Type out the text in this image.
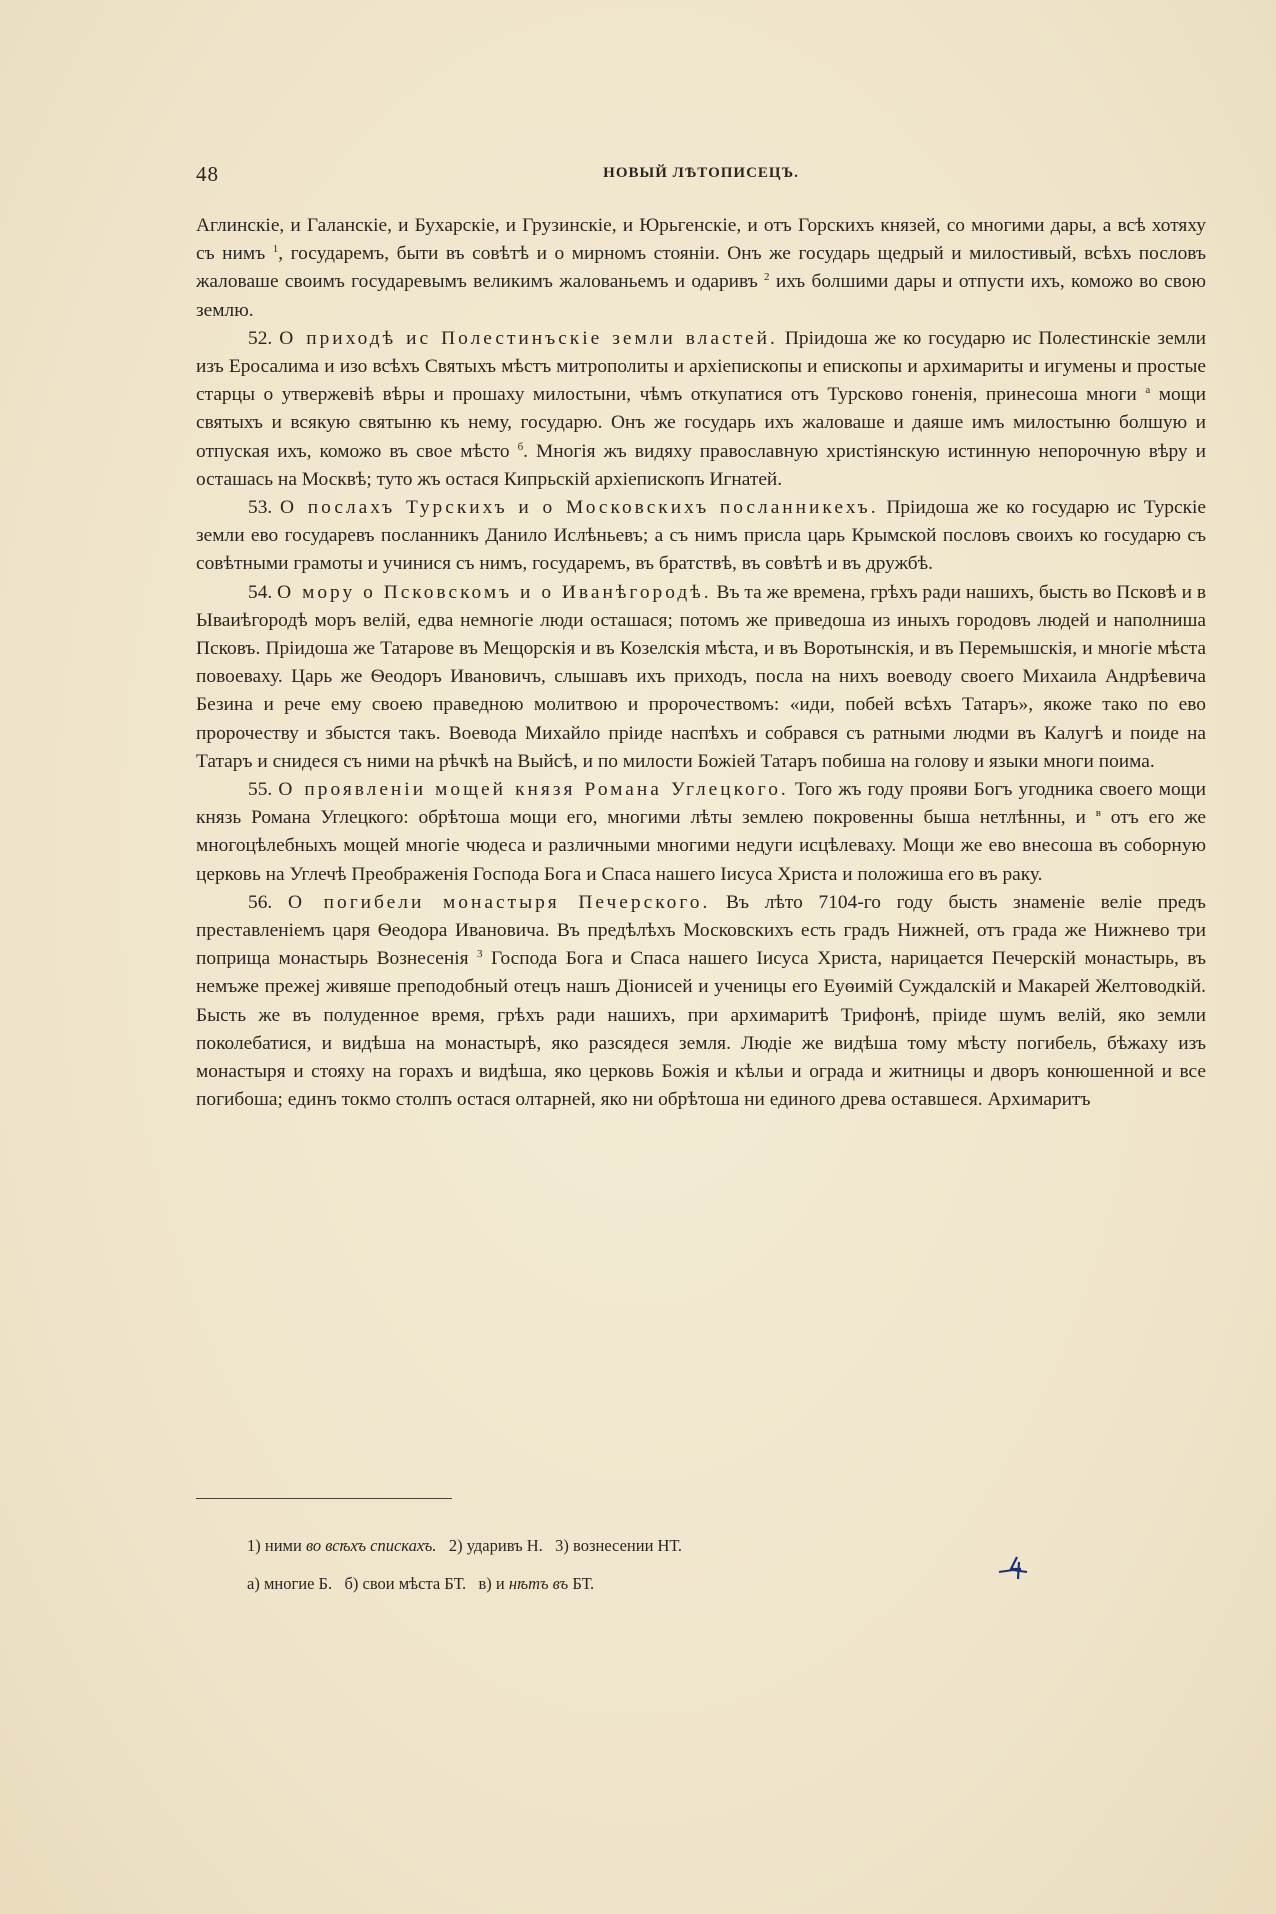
48	НОВЫЙ ЛѢТОПИСЕЦЪ.

Аглинскіе, и Галанскіе, и Бухарскіе, и Грузинскіе, и Юрьгенскіе, и отъ Горскихъ князей, со многими дары, а всѣ хотяху съ нимъ $^1$, государемъ, быти въ совѣтѣ и о мирномъ стоянiи. Онъ же государь щедрый и милостивый, всѣхъ пословъ жаловаше своимъ государевымъ великимъ жалованьемъ и одаривъ $^2$ ихъ болшими дары и отпусти ихъ, коможо во свою землю.

52. О приходѣ ис Полестинъскіе земли властей. Пріидоша же ко государю ис Полестинскіе земли изъ Еросалима и изо всѣхъ Святыхъ мѣстъ митрополиты и архіепископы и епископы и архимариты и игумены и простые старцы о утвержевіѣ вѣры и прошаху милостыни, чѣмъ откупатися отъ Турсково гоненія, принесоша многи $^а$ мощи святыхъ и всякую святыню къ нему, государю. Онъ же государь ихъ жаловаше и даяше имъ милостыню болшую и отпуская ихъ, коможо въ свое мѣсто $^б$. Многія жъ видяху православную христіянскую истинную непорочную вѣру и осташась на Москвѣ; туто жъ остася Кипрьскій архіепископъ Игнатей.

53. О послахъ Турскихъ и о Московскихъ посланникехъ. Пріидоша же ко государю ис Турскіе земли ево государевъ посланникъ Данило Ислѣньевъ; а съ нимъ присла царь Крымской пословъ своихъ ко государю съ совѣтными грамоты и учинися съ нимъ, государемъ, въ братствѣ, въ совѣтѣ и въ дружбѣ.

54. О мору о Псковскомъ и о Иванѣгородѣ. Въ та же времена, грѣхъ ради нашихъ, бысть во Псковѣ и в Ываиѣгородѣ моръ велій, едва немногіе люди осташася; потомъ же приведоша из иныхъ городовъ людей и наполниша Псковъ. Пріидоша же Татарове въ Мещорскія и въ Козелскія мѣста, и въ Воротынскія, и въ Перемышскія, и многіе мѣста повоеваху. Царь же Ѳеодоръ Ивановичъ, слышавъ ихъ приходъ, посла на нихъ воеводу своего Михаила Андрѣевича Безина и рече ему своею праведною молитвою и пророчествомъ: «иди, побей всѣхъ Татаръ», якоже тако по ево пророчеству и збыстся такъ. Воевода Михайло пріиде наспѣхъ и собрався съ ратными людми въ Калугѣ и поиде на Татаръ и снидеся съ ними на рѣчкѣ на Выйсѣ, и по милости Божiей Татаръ побиша на голову и языки многи поима.

55. О проявленіи мощей князя Романа Углецкого. Того жъ году прояви Богъ угодника своего мощи князь Романа Углецкого: обрѣтоша мощи его, многими лѣты землею покровенны быша нетлѣнны, и $^в$ отъ его же многоцѣлебныхъ мощей многіе чюдеса и различными многими недуги исцѣлеваху. Мощи же ево внесоша въ соборную церковь на Углечѣ Преображенія Господа Бога и Спаса нашего Іисуса Христа и положиша его въ раку.

56. О погибели монастыря Печерского. Въ лѣто 7104-го году бысть знаменіе веліе предъ преставленіемъ царя Ѳеодора Ивановича. Въ предѣлѣхъ Московскихъ есть градъ Нижней, отъ града же Нижнево три поприща монастырь Вознесенія $^3$ Господа Бога и Спаса нашего Іисуса Христа, нарицается Печерскій монастырь, въ немъже прежеј живяше преподобный отецъ нашъ Діонисей и ученицы его Еуѳимій Суждалскій и Макарей Желтоводкій. Бысть же въ полуденное время, грѣхъ ради нашихъ, при архимаритѣ Трифонѣ, пріиде шумъ велій, яко земли поколебатися, и видѣша на монастырѣ, яко разсядеся земля. Людіе же видѣша тому мѣсту погибель, бѣжаху изъ монастыря и стояху на горахъ и видѣша, яко церковь Божія и кѣльи и ограда и житницы и дворъ конюшенной и все погибоша; единъ токмо столпъ остася олтарней, яко ни обрѣтоша ни единого древа оставшеся. Архимаритъ

1) ними во всѣхъ спискахъ. 2) ударивъ Н. 3) вознесении НТ.
а) многие Б. б) свои мѣста БТ. в) и нѣтъ въ БТ.
